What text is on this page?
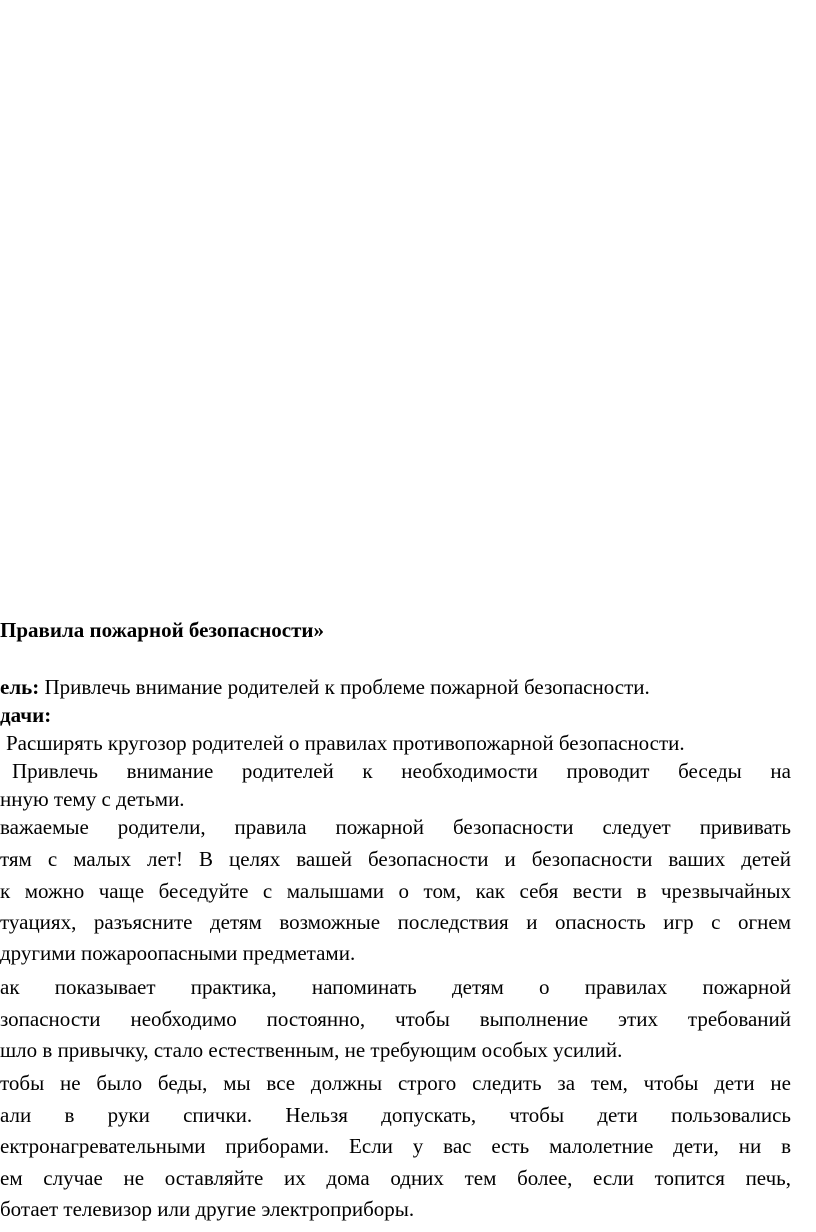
Правила пожарной безопасности»
ель: Привлечь внимание родителей к проблеме пожарной безопасности.
дачи:
Расширять кругозор родителей о правилах противопожарной безопасности.
Привлечь внимание родителей к необходимости проводит беседы на
нную тему с детьми.
важаемые родители, правила пожарной безопасности следует прививать
тям с малых лет! В целях вашей безопасности и безопасности ваших детей
к можно чаще беседуйте с малышами о том, как себя вести в чрезвычайных
туациях, разъясните детям возможные последствия и опасность игр с огнем
другими пожароопасными предметами.
ак показывает практика, напоминать детям о правилах пожарной
зопасности необходимо постоянно, чтобы выполнение этих требований
шло в привычку, стало естественным, не требующим особых усилий.
тобы не было беды, мы все должны строго следить за тем, чтобы дети не
али в руки спички. Нельзя допускать, чтобы дети пользовались
ектронагревательными приборами. Если у вас есть малолетние дети, ни в
ем случае не оставляйте их дома одних тем более, если топится печь,
ботает телевизор или другие электроприборы.
